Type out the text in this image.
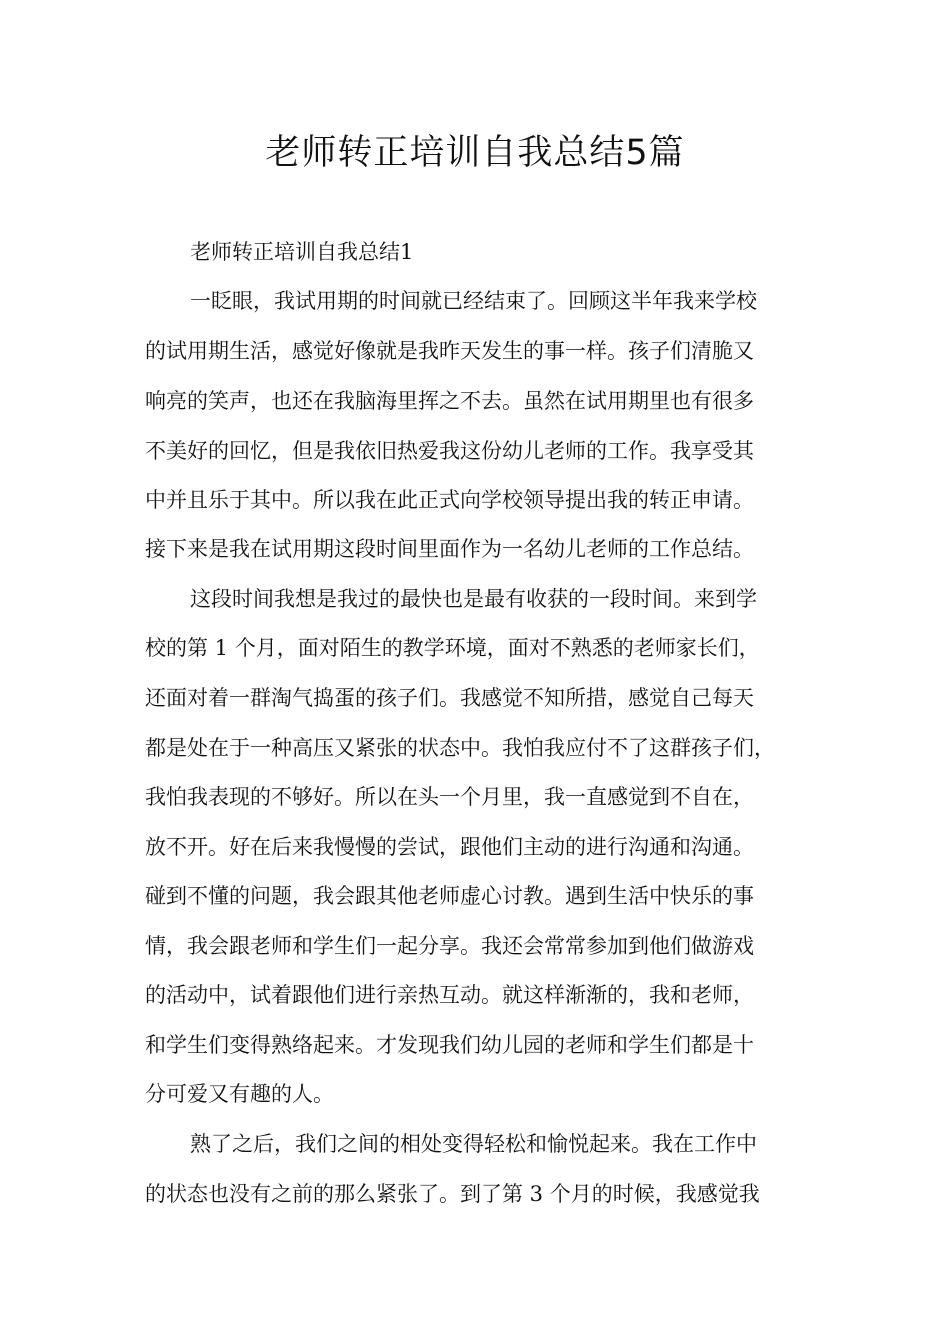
老师转正培训自我总结5篇

老师转正培训自我总结1

一眨眼，我试用期的时间就已经结束了。回顾这半年我来学校

的试用期生活，感觉好像就是我昨天发生的事一样。孩子们清脆又

响亮的笑声，也还在我脑海里挥之不去。虽然在试用期里也有很多

不美好的回忆，但是我依旧热爱我这份幼儿老师的工作。我享受其

中并且乐于其中。所以我在此正式向学校领导提出我的转正申请。

接下来是我在试用期这段时间里面作为一名幼儿老师的工作总结。

这段时间我想是我过的最快也是最有收获的一段时间。来到学

校的第 1 个月，面对陌生的教学环境，面对不熟悉的老师家长们，

还面对着一群淘气捣蛋的孩子们。我感觉不知所措，感觉自己每天

都是处在于一种高压又紧张的状态中。我怕我应付不了这群孩子们，

我怕我表现的不够好。所以在头一个月里，我一直感觉到不自在，

放不开。好在后来我慢慢的尝试，跟他们主动的进行沟通和沟通。

碰到不懂的问题，我会跟其他老师虚心讨教。遇到生活中快乐的事

情，我会跟老师和学生们一起分享。我还会常常参加到他们做游戏

的活动中，试着跟他们进行亲热互动。就这样渐渐的，我和老师，

和学生们变得熟络起来。才发现我们幼儿园的老师和学生们都是十

分可爱又有趣的人。

熟了之后，我们之间的相处变得轻松和愉悦起来。我在工作中

的状态也没有之前的那么紧张了。到了第 3 个月的时候，我感觉我
